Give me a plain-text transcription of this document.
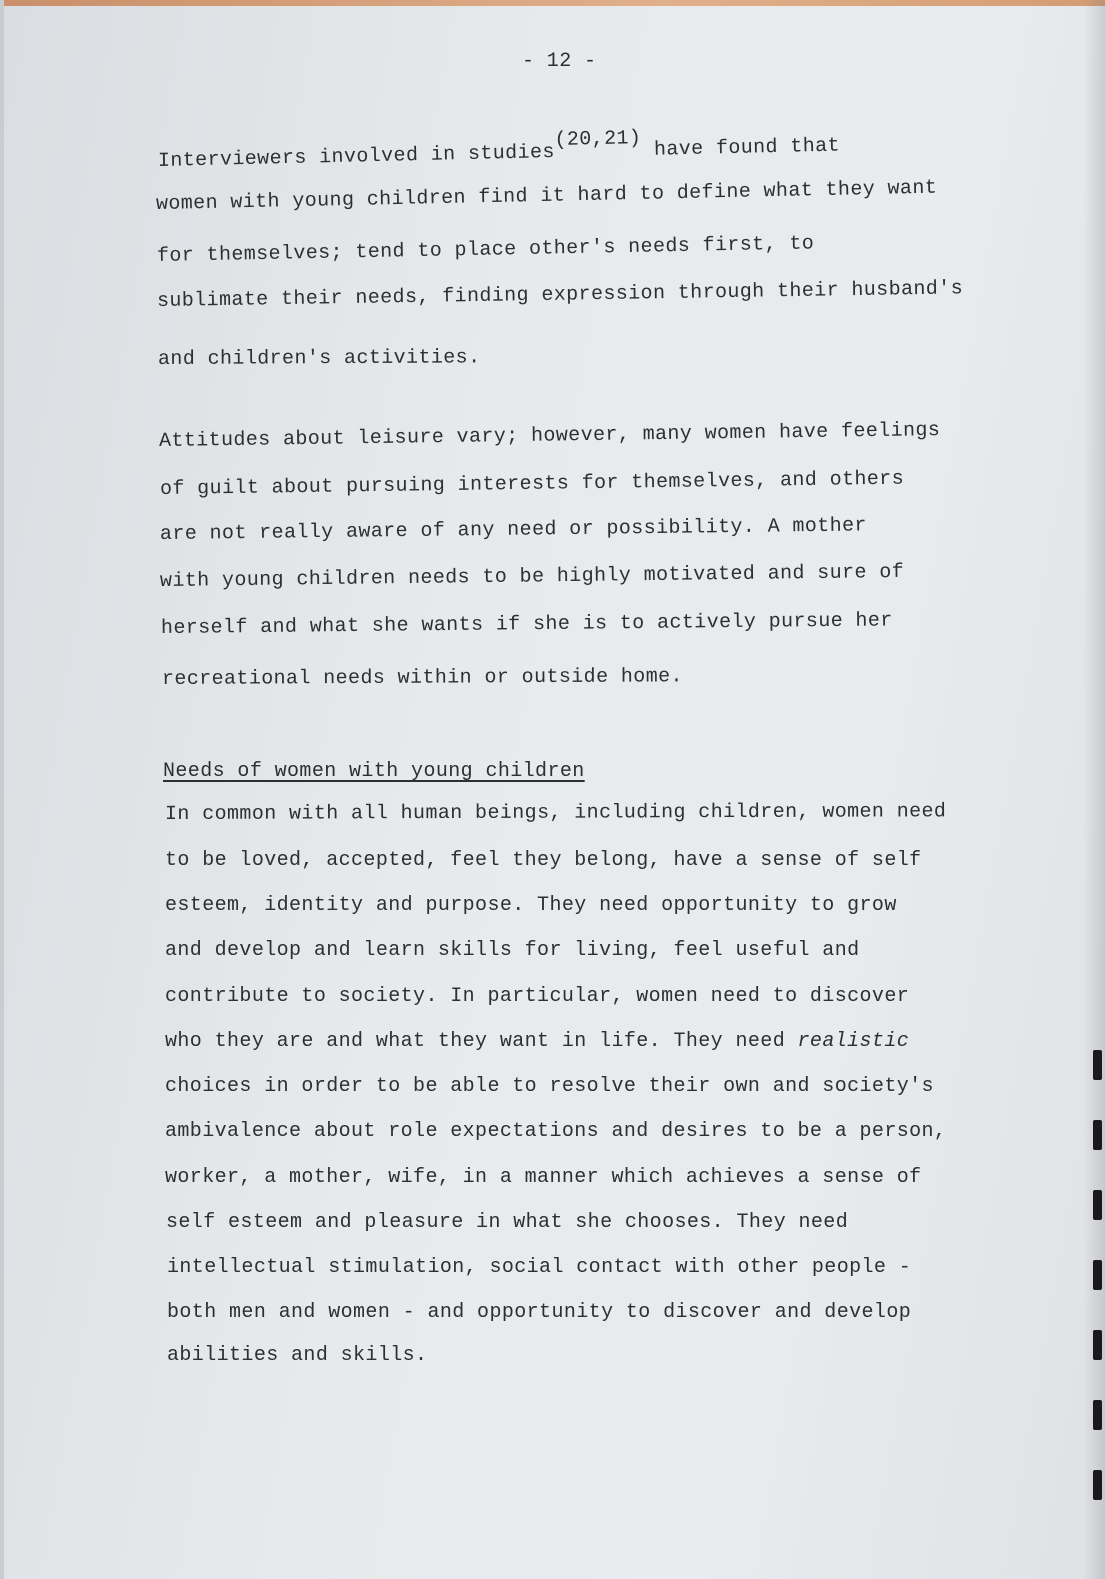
- 12 -
Interviewers involved in studies(20,21) have found that
women with young children find it hard to define what they want
for themselves; tend to place other's needs first, to
sublimate their needs, finding expression through their husband's
and children's activities.
Attitudes about leisure vary; however, many women have feelings
of guilt about pursuing interests for themselves, and others
are not really aware of any need or possibility. A mother
with young children needs to be highly motivated and sure of
herself and what she wants if she is to actively pursue her
recreational needs within or outside home.
Needs of women with young children
In common with all human beings, including children, women need
to be loved, accepted, feel they belong, have a sense of self
esteem, identity and purpose. They need opportunity to grow
and develop and learn skills for living, feel useful and
contribute to society. In particular, women need to discover
who they are and what they want in life. They need realistic
choices in order to be able to resolve their own and society's
ambivalence about role expectations and desires to be a person,
worker, a mother, wife, in a manner which achieves a sense of
self esteem and pleasure in what she chooses. They need
intellectual stimulation, social contact with other people -
both men and women - and opportunity to discover and develop
abilities and skills.
